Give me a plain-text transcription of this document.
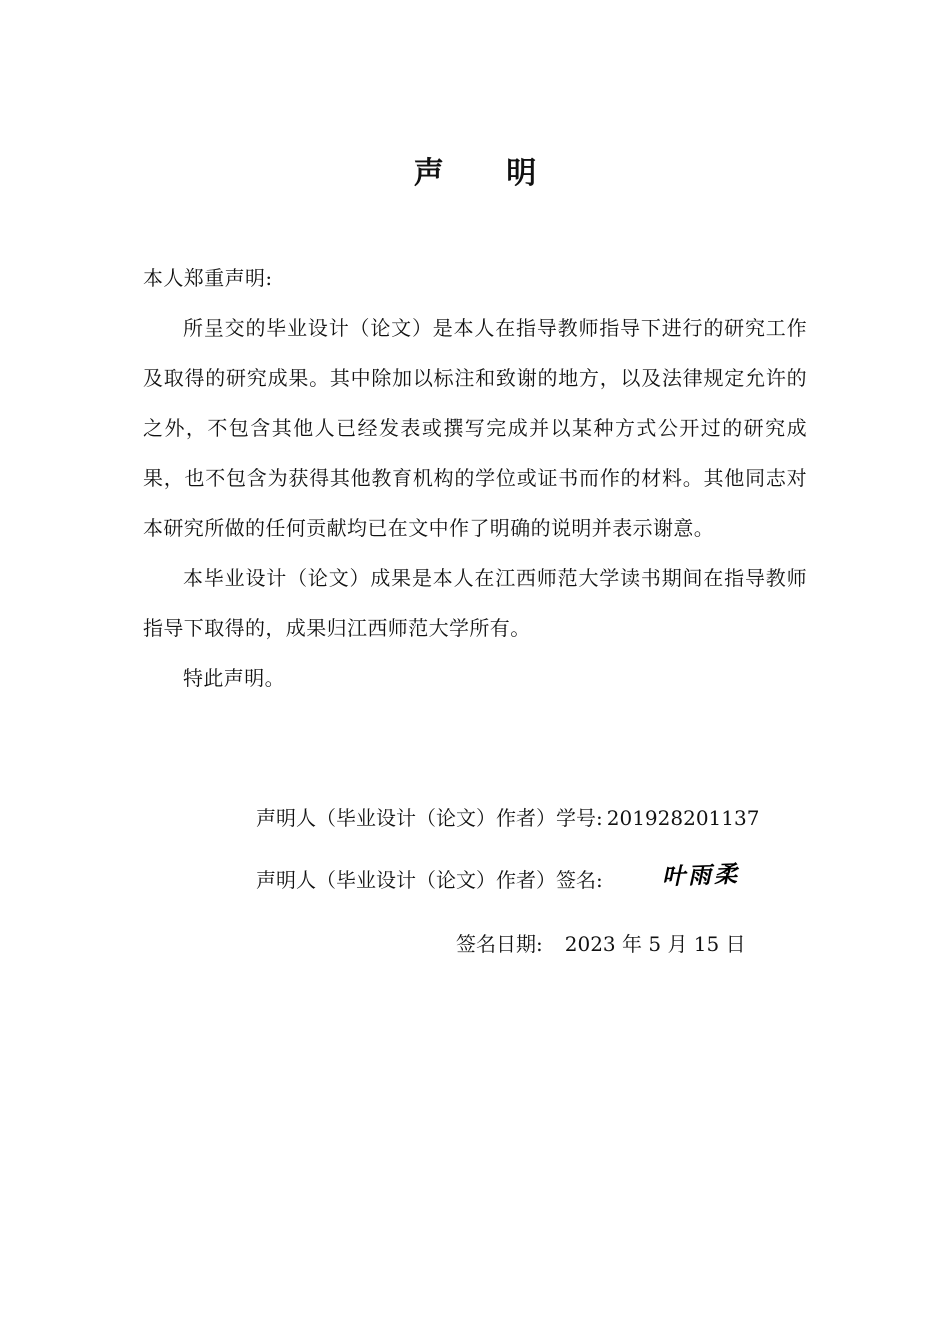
声 明

本人郑重声明:

所呈交的毕业设计（论文）是本人在指导教师指导下进行的研究工作及取得的研究成果。其中除加以标注和致谢的地方，以及法律规定允许的之外，不包含其他人已经发表或撰写完成并以某种方式公开过的研究成果，也不包含为获得其他教育机构的学位或证书而作的材料。其他同志对本研究所做的任何贡献均已在文中作了明确的说明并表示谢意。

本毕业设计（论文）成果是本人在江西师范大学读书期间在指导教师指导下取得的，成果归江西师范大学所有。

特此声明。

声明人（毕业设计（论文）作者）学号: 201928201137
声明人（毕业设计（论文）作者）签名:	叶雨柔
签名日期: 2023 年 5 月 15 日
